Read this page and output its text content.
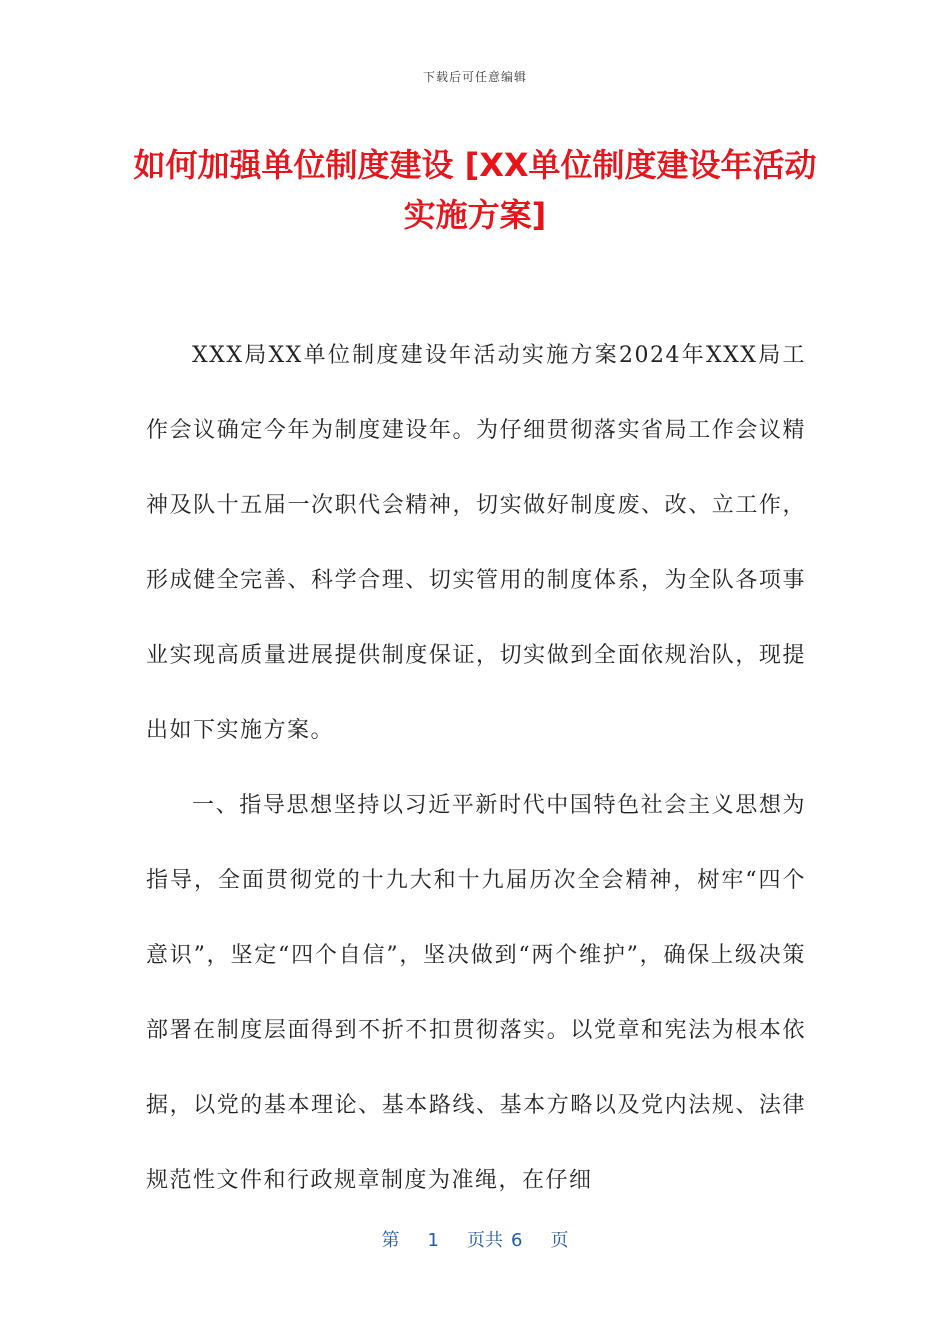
下载后可任意编辑
如何加强单位制度建设 [XX单位制度建设年活动实施方案]

XXX局XX单位制度建设年活动实施方案2024年XXX局工作会议确定今年为制度建设年。为仔细贯彻落实省局工作会议精神及队十五届一次职代会精神，切实做好制度废、改、立工作，形成健全完善、科学合理、切实管用的制度体系，为全队各项事业实现高质量进展提供制度保证，切实做到全面依规治队，现提出如下实施方案。

一、指导思想坚持以习近平新时代中国特色社会主义思想为指导，全面贯彻党的十九大和十九届历次全会精神，树牢“四个意识”，坚定“四个自信”，坚决做到“两个维护”，确保上级决策部署在制度层面得到不折不扣贯彻落实。以党章和宪法为根本依据，以党的基本理论、基本路线、基本方略以及党内法规、法律规范性文件和行政规章制度为准绳，在仔细

第 1 页共 6 页
